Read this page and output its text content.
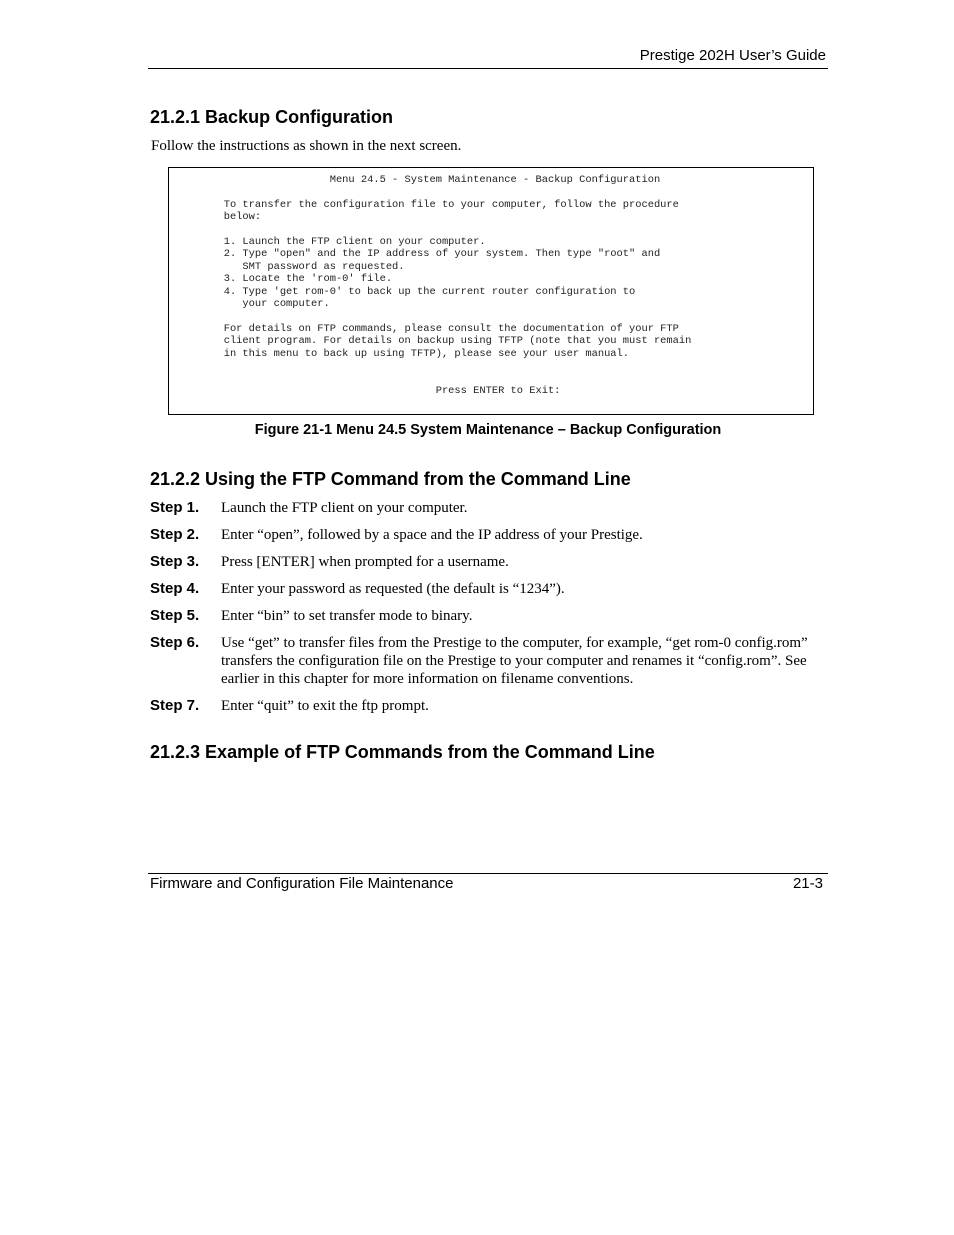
Prestige 202H User’s Guide
21.2.1 Backup Configuration
Follow the instructions as shown in the next screen.
Menu 24.5 - System Maintenance - Backup Configuration

To transfer the configuration file to your computer, follow the procedure
below:

1. Launch the FTP client on your computer.
2. Type "open" and the IP address of your system. Then type "root" and
SMT password as requested.
3. Locate the 'rom-0' file.
4. Type 'get rom-0' to back up the current router configuration to
your computer.

For details on FTP commands, please consult the documentation of your FTP
client program. For details on backup using TFTP (note that you must remain
in this menu to back up using TFTP), please see your user manual.

Press ENTER to Exit:
Figure 21-1 Menu 24.5 System Maintenance – Backup Configuration
21.2.2 Using the FTP Command from the Command Line
Step 1. Launch the FTP client on your computer.
Step 2. Enter “open”, followed by a space and the IP address of your Prestige.
Step 3. Press [ENTER] when prompted for a username.
Step 4. Enter your password as requested (the default is “1234”).
Step 5. Enter “bin” to set transfer mode to binary.
Step 6. Use “get” to transfer files from the Prestige to the computer, for example, “get rom-0 config.rom” transfers the configuration file on the Prestige to your computer and renames it “config.rom”. See earlier in this chapter for more information on filename conventions.
Step 7. Enter “quit” to exit the ftp prompt.
21.2.3 Example of FTP Commands from the Command Line
Firmware and Configuration File Maintenance	21-3
